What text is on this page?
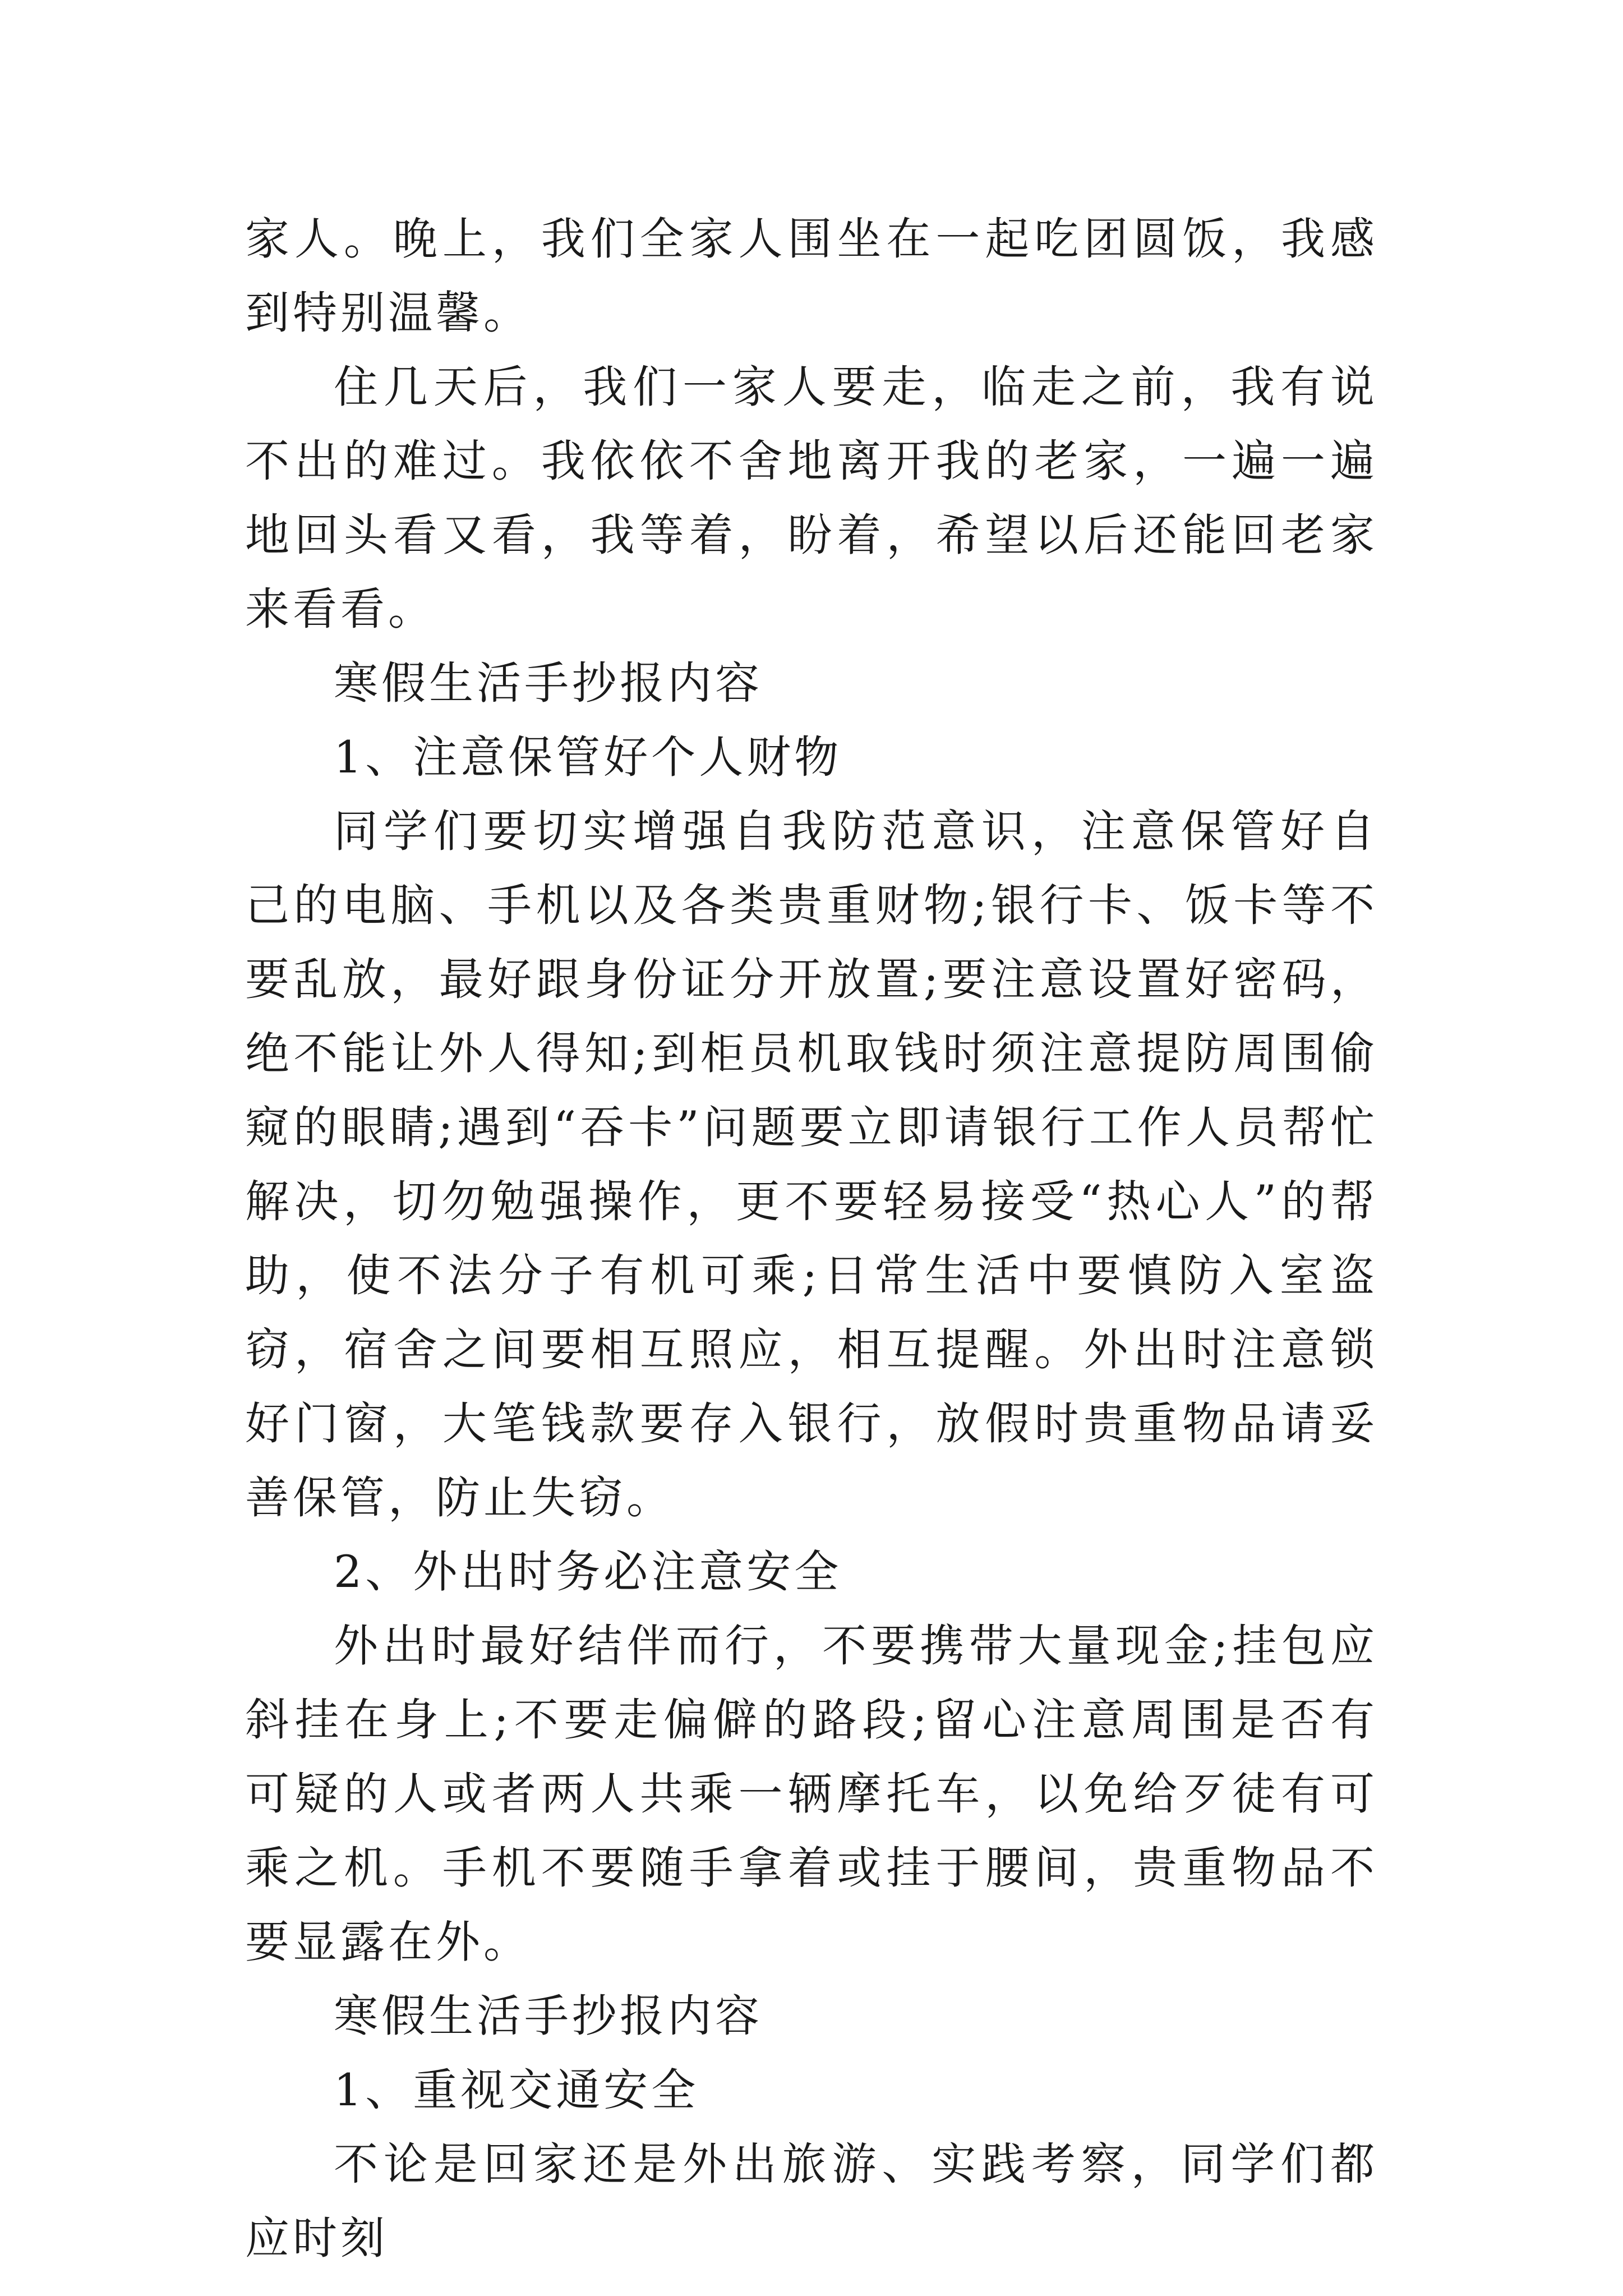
家人。晚上，我们全家人围坐在一起吃团圆饭，我感到特别温馨。

住几天后，我们一家人要走，临走之前，我有说不出的难过。我依依不舍地离开我的老家，一遍一遍地回头看又看，我等着，盼着，希望以后还能回老家来看看。

寒假生活手抄报内容

1、注意保管好个人财物

同学们要切实增强自我防范意识，注意保管好自己的电脑、手机以及各类贵重财物;银行卡、饭卡等不要乱放，最好跟身份证分开放置;要注意设置好密码，绝不能让外人得知;到柜员机取钱时须注意提防周围偷窥的眼睛;遇到“吞卡”问题要立即请银行工作人员帮忙解决，切勿勉强操作，更不要轻易接受“热心人”的帮助，使不法分子有机可乘;日常生活中要慎防入室盗窃，宿舍之间要相互照应，相互提醒。外出时注意锁好门窗，大笔钱款要存入银行，放假时贵重物品请妥善保管，防止失窃。

2、外出时务必注意安全

外出时最好结伴而行，不要携带大量现金;挂包应斜挂在身上;不要走偏僻的路段;留心注意周围是否有可疑的人或者两人共乘一辆摩托车，以免给歹徒有可乘之机。手机不要随手拿着或挂于腰间，贵重物品不要显露在外。

寒假生活手抄报内容

1、重视交通安全

不论是回家还是外出旅游、实践考察，同学们都应时刻
